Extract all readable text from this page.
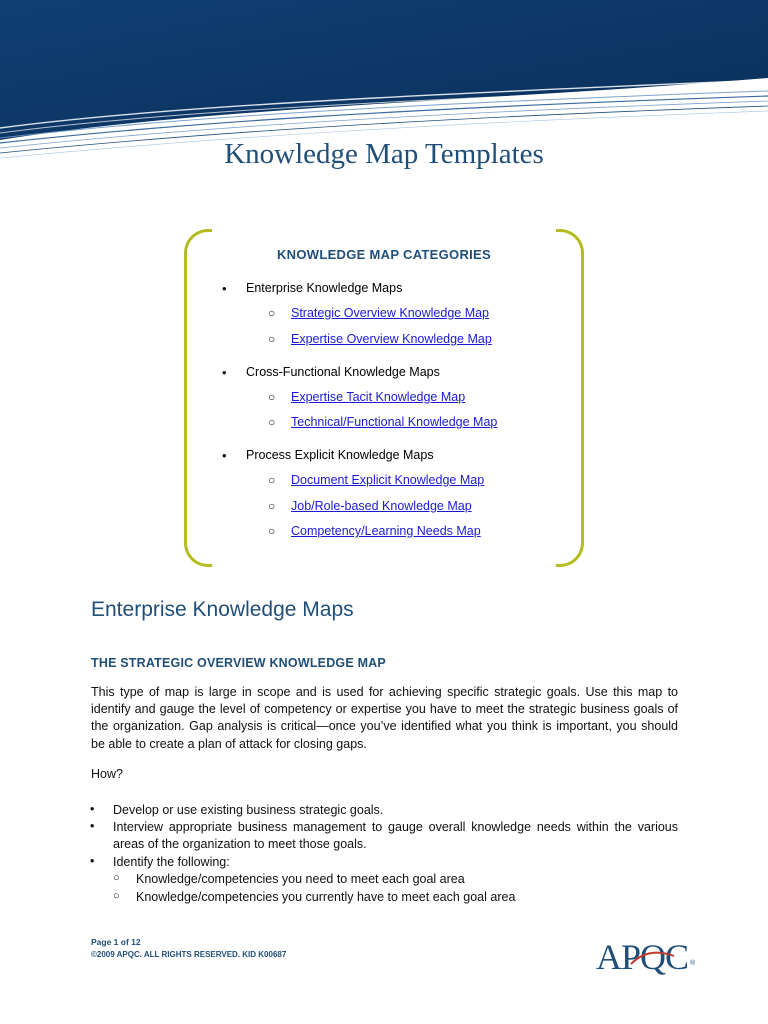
Knowledge Map Templates
KNOWLEDGE MAP CATEGORIES
• Enterprise Knowledge Maps
○ Strategic Overview Knowledge Map
○ Expertise Overview Knowledge Map
• Cross-Functional Knowledge Maps
○ Expertise Tacit Knowledge Map
○ Technical/Functional Knowledge Map
• Process Explicit Knowledge Maps
○ Document Explicit Knowledge Map
○ Job/Role-based Knowledge Map
○ Competency/Learning Needs Map
Enterprise Knowledge Maps
THE STRATEGIC OVERVIEW KNOWLEDGE MAP
This type of map is large in scope and is used for achieving specific strategic goals. Use this map to identify and gauge the level of competency or expertise you have to meet the strategic business goals of the organization. Gap analysis is critical—once you’ve identified what you think is important, you should be able to create a plan of attack for closing gaps.
How?
• Develop or use existing business strategic goals.
• Interview appropriate business management to gauge overall knowledge needs within the various areas of the organization to meet those goals.
• Identify the following:
○ Knowledge/competencies you need to meet each goal area
○ Knowledge/competencies you currently have to meet each goal area
Page 1 of 12
©2009 APQC. ALL RIGHTS RESERVED. KID K00687	APQC ®
